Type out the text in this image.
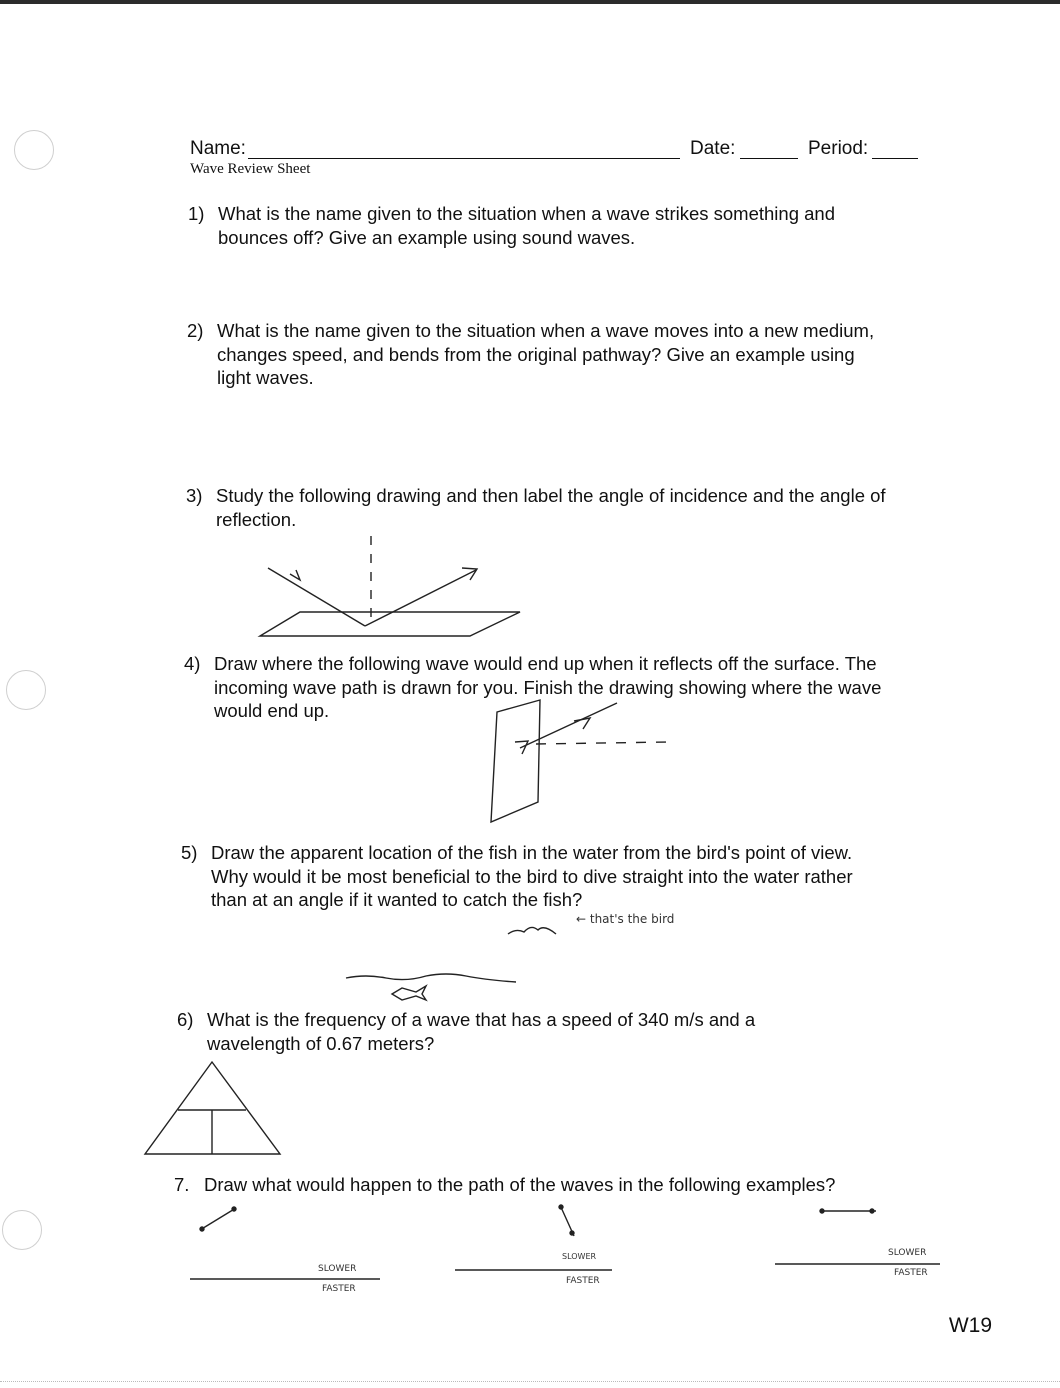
Name:	Date:	Period:
Wave Review Sheet
1) What is the name given to the situation when a wave strikes something and bounces off? Give an example using sound waves.
2) What is the name given to the situation when a wave moves into a new medium, changes speed, and bends from the original pathway? Give an example using light waves.
3) Study the following drawing and then label the angle of incidence and the angle of reflection.
4) Draw where the following wave would end up when it reflects off the surface. The incoming wave path is drawn for you. Finish the drawing showing where the wave would end up.
5) Draw the apparent location of the fish in the water from the bird's point of view. Why would it be most beneficial to the bird to dive straight into the water rather than at an angle if it wanted to catch the fish?
6) What is the frequency of a wave that has a speed of 340 m/s and a wavelength of 0.67 meters?
7. Draw what would happen to the path of the waves in the following examples?
← that's the bird
SLOWER
FASTER
SLOWER
FASTER
SLOWER
FASTER
W19
